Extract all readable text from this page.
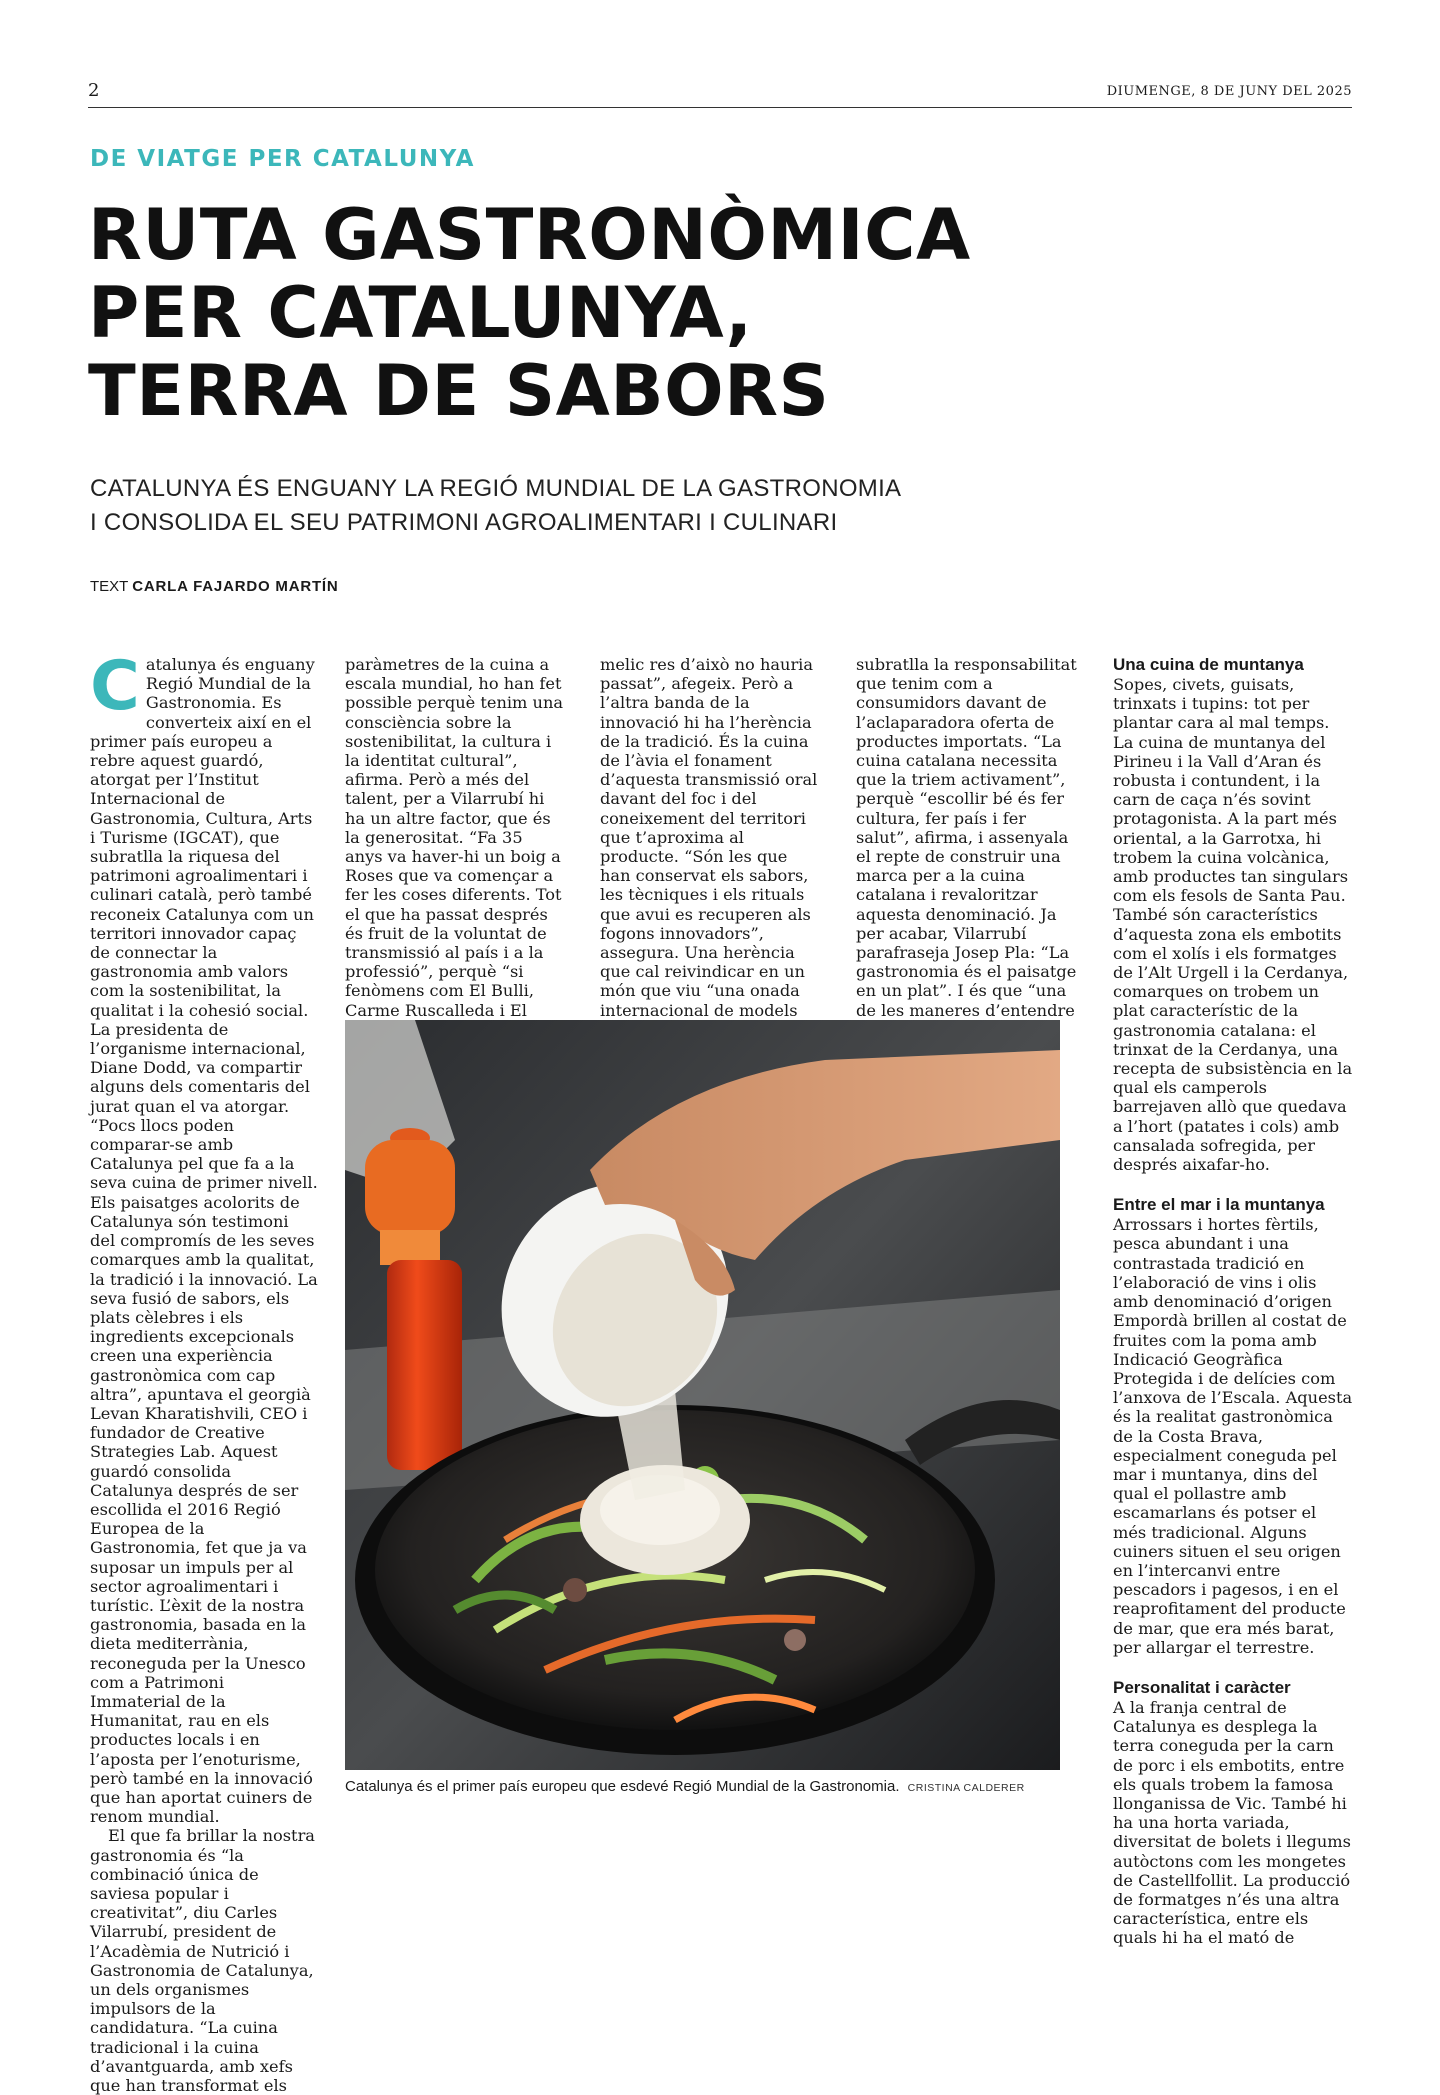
2	DIUMENGE, 8 DE JUNY DEL 2025
DE VIATGE PER CATALUNYA
RUTA GASTRONÒMICA
PER CATALUNYA,
TERRA DE SABORS
CATALUNYA ÉS ENGUANY LA REGIÓ MUNDIAL DE LA GASTRONOMIA
I CONSOLIDA EL SEU PATRIMONI AGROALIMENTARI I CULINARI
TEXT CARLA FAJARDO MARTÍN

Catalunya és enguany Regió Mundial de la Gastronomia. Es converteix així en el primer país europeu a rebre aquest guardó, atorgat per l’Institut Internacional de Gastronomia, Cultura, Arts i Turisme (IGCAT), que subratlla la riquesa del patrimoni agroalimentari i culinari català, però també reconeix Catalunya com un territori innovador capaç de connectar la gastronomia amb valors com la sostenibilitat, la qualitat i la cohesió social. La presidenta de l’organisme internacional, Diane Dodd, va compartir alguns dels comentaris del jurat quan el va atorgar. “Pocs llocs poden comparar-se amb Catalunya pel que fa a la seva cuina de primer nivell. Els paisatges acolorits de Catalunya són testimoni del compromís de les seves comarques amb la qualitat, la tradició i la innovació. La seva fusió de sabors, els plats cèlebres i els ingredients excepcionals creen una experiència gastronòmica com cap altra”, apuntava el georgià Levan Kharatishvili, CEO i fundador de Creative Strategies Lab. Aquest guardó consolida Catalunya després de ser escollida el 2016 Regió Europea de la Gastronomia, fet que ja va suposar un impuls per al sector agroalimentari i turístic. L’èxit de la nostra gastronomia, basada en la dieta mediterrània, reconeguda per la Unesco com a Patrimoni Immaterial de la Humanitat, rau en els productes locals i en l’aposta per l’enoturisme, però també en la innovació que han aportat cuiners de renom mundial.

El que fa brillar la nostra gastronomia és “la combinació única de saviesa popular i creativitat”, diu Carles Vilarrubí, president de l’Acadèmia de Nutrició i Gastronomia de Catalunya, un dels organismes impulsors de la candidatura. “La cuina tradicional i la cuina d’avantguarda, amb xefs que han transformat els

paràmetres de la cuina a escala mundial, ho han fet possible perquè tenim una consciència sobre la sostenibilitat, la cultura i la identitat cultural”, afirma. Però a més del talent, per a Vilarrubí hi ha un altre factor, que és la generositat. “Fa 35 anys va haver-hi un boig a Roses que va començar a fer les coses diferents. Tot el que ha passat després és fruit de la voluntat de transmissió al país i a la professió”, perquè “si fenòmens com El Bulli, Carme Ruscalleda i El

melic res d’això no hauria passat”, afegeix. Però a l’altra banda de la innovació hi ha l’herència de la tradició. És la cuina de l’àvia el fonament d’aquesta transmissió oral davant del foc i del coneixement del territori que t’aproxima al producte. “Són les que han conservat els sabors, les tècniques i els rituals que avui es recuperen als fogons innovadors”, assegura. Una herència que cal reivindicar en un món que viu “una onada internacional de models

subratlla la responsabilitat que tenim com a consumidors davant de l’aclaparadora oferta de productes importats. “La cuina catalana necessita que la triem activament”, perquè “escollir bé és fer cultura, fer país i fer salut”, afirma, i assenyala el repte de construir una marca per a la cuina catalana i revaloritzar aquesta denominació. Ja per acabar, Vilarrubí parafraseja Josep Pla: “La gastronomia és el paisatge en un plat”. I és que “una de les maneres d’entendre

Una cuina de muntanya

Sopes, civets, guisats, trinxats i tupins: tot per plantar cara al mal temps. La cuina de muntanya del Pirineu i la Vall d’Aran és robusta i contundent, i la carn de caça n’és sovint protagonista. A la part més oriental, a la Garrotxa, hi trobem la cuina volcànica, amb productes tan singulars com els fesols de Santa Pau. També són característics d’aquesta zona els embotits com el xolís i els formatges de l’Alt Urgell i la Cerdanya, comarques on trobem un plat característic de la gastronomia catalana: el trinxat de la Cerdanya, una recepta de subsistència en la qual els camperols barrejaven allò que quedava a l’hort (patates i cols) amb cansalada sofregida, per després aixafar-ho.

Entre el mar i la muntanya

Arrossars i hortes fèrtils, pesca abundant i una contrastada tradició en l’elaboració de vins i olis amb denominació d’origen Empordà brillen al costat de fruites com la poma amb Indicació Geogràfica Protegida i de delícies com l’anxova de l’Escala. Aquesta és la realitat gastronòmica de la Costa Brava, especialment coneguda pel mar i muntanya, dins del qual el pollastre amb escamarlans és potser el més tradicional. Alguns cuiners situen el seu origen en l’intercanvi entre pescadors i pagesos, i en el reaprofitament del producte de mar, que era més barat, per allargar el terrestre.

Personalitat i caràcter

A la franja central de Catalunya es desplega la terra coneguda per la carn de porc i els embotits, entre els quals trobem la famosa llonganissa de Vic. També hi ha una horta variada, diversitat de bolets i llegums autòctons com les mongetes de Castellfollit. La producció de formatges n’és una altra característica, entre els quals hi ha el mató de

Catalunya és el primer país europeu que esdevé Regió Mundial de la Gastronomia. CRISTINA CALDERER
